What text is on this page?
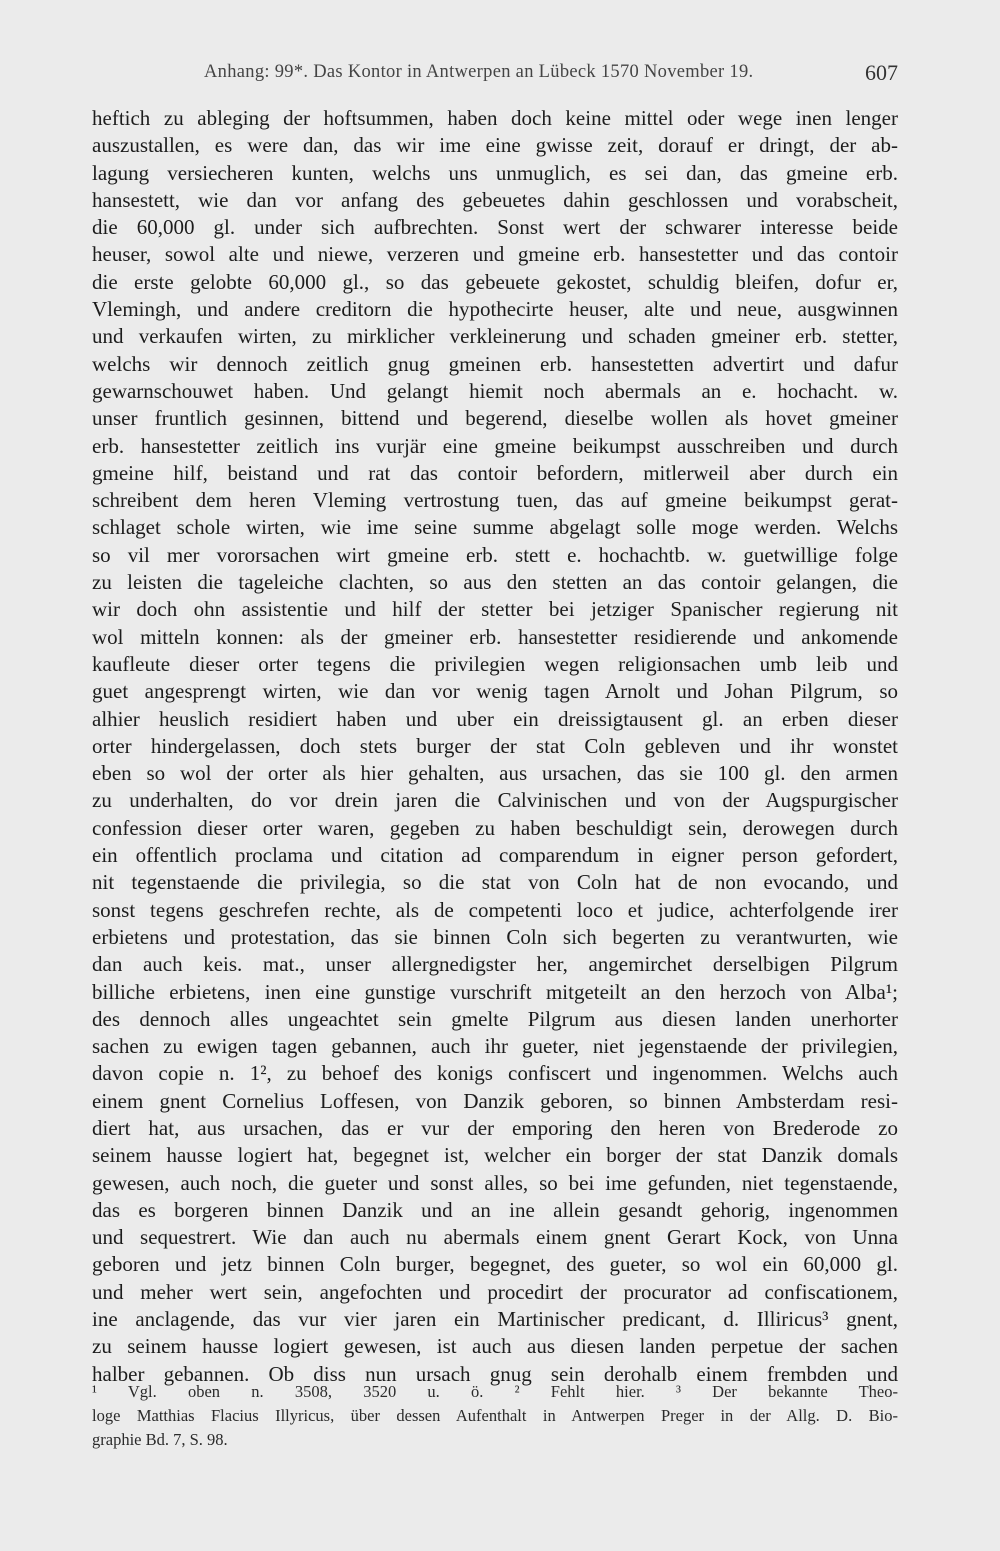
Anhang: 99*. Das Kontor in Antwerpen an Lübeck 1570 November 19.	607
heftich zu ableging der hoftsummen, haben doch keine mittel oder wege inen lenger
auszustallen, es were dan, das wir ime eine gwisse zeit, dorauf er dringt, der ab-
lagung versiecheren kunten, welchs uns unmuglich, es sei dan, das gmeine erb.
hansestett, wie dan vor anfang des gebeuetes dahin geschlossen und vorabscheit,
die 60,000 gl. under sich aufbrechten. Sonst wert der schwarer interesse beide
heuser, sowol alte und niewe, verzeren und gmeine erb. hansestetter und das contoir
die erste gelobte 60,000 gl., so das gebeuete gekostet, schuldig bleifen, dofur er,
Vlemingh, und andere creditorn die hypothecirte heuser, alte und neue, ausgwinnen
und verkaufen wirten, zu mirklicher verkleinerung und schaden gmeiner erb. stetter,
welchs wir dennoch zeitlich gnug gmeinen erb. hansestetten advertirt und dafur
gewarnschouwet haben. Und gelangt hiemit noch abermals an e. hochacht. w.
unser fruntlich gesinnen, bittend und begerend, dieselbe wollen als hovet gmeiner
erb. hansestetter zeitlich ins vurjär eine gmeine beikumpst ausschreiben und durch
gmeine hilf, beistand und rat das contoir befordern, mitlerweil aber durch ein
schreibent dem heren Vleming vertrostung tuen, das auf gmeine beikumpst gerat-
schlaget schole wirten, wie ime seine summe abgelagt solle moge werden. Welchs
so vil mer vororsachen wirt gmeine erb. stett e. hochachtb. w. guetwillige folge
zu leisten die tageleiche clachten, so aus den stetten an das contoir gelangen, die
wir doch ohn assistentie und hilf der stetter bei jetziger Spanischer regierung nit
wol mitteln konnen: als der gmeiner erb. hansestetter residierende und ankomende
kaufleute dieser orter tegens die privilegien wegen religionsachen umb leib und
guet angesprengt wirten, wie dan vor wenig tagen Arnolt und Johan Pilgrum, so
alhier heuslich residiert haben und uber ein dreissigtausent gl. an erben dieser
orter hindergelassen, doch stets burger der stat Coln gebleven und ihr wonstet
eben so wol der orter als hier gehalten, aus ursachen, das sie 100 gl. den armen
zu underhalten, do vor drein jaren die Calvinischen und von der Augspurgischer
confession dieser orter waren, gegeben zu haben beschuldigt sein, derowegen durch
ein offentlich proclama und citation ad comparendum in eigner person gefordert,
nit tegenstaende die privilegia, so die stat von Coln hat de non evocando, und
sonst tegens geschrefen rechte, als de competenti loco et judice, achterfolgende irer
erbietens und protestation, das sie binnen Coln sich begerten zu verantwurten, wie
dan auch keis. mat., unser allergnedigster her, angemirchet derselbigen Pilgrum
billiche erbietens, inen eine gunstige vurschrift mitgeteilt an den herzoch von Alba¹;
des dennoch alles ungeachtet sein gmelte Pilgrum aus diesen landen unerhorter
sachen zu ewigen tagen gebannen, auch ihr gueter, niet jegenstaende der privilegien,
davon copie n. 1², zu behoef des konigs confiscert und ingenommen. Welchs auch
einem gnent Cornelius Loffesen, von Danzik geboren, so binnen Ambsterdam resi-
diert hat, aus ursachen, das er vur der emporing den heren von Brederode zo
seinem hausse logiert hat, begegnet ist, welcher ein borger der stat Danzik domals
gewesen, auch noch, die gueter und sonst alles, so bei ime gefunden, niet tegenstaende,
das es borgeren binnen Danzik und an ine allein gesandt gehorig, ingenommen
und sequestrert. Wie dan auch nu abermals einem gnent Gerart Kock, von Unna
geboren und jetz binnen Coln burger, begegnet, des gueter, so wol ein 60,000 gl.
und meher wert sein, angefochten und procedirt der procurator ad confiscationem,
ine anclagende, das vur vier jaren ein Martinischer predicant, d. Illiricus³ gnent,
zu seinem hausse logiert gewesen, ist auch aus diesen landen perpetue der sachen
halber gebannen. Ob diss nun ursach gnug sein derohalb einem frembden und
¹ Vgl. oben n. 3508, 3520 u. ö. ² Fehlt hier. ³ Der bekannte Theo-
loge Matthias Flacius Illyricus, über dessen Aufenthalt in Antwerpen Preger in der Allg. D. Bio-
graphie Bd. 7, S. 98.
